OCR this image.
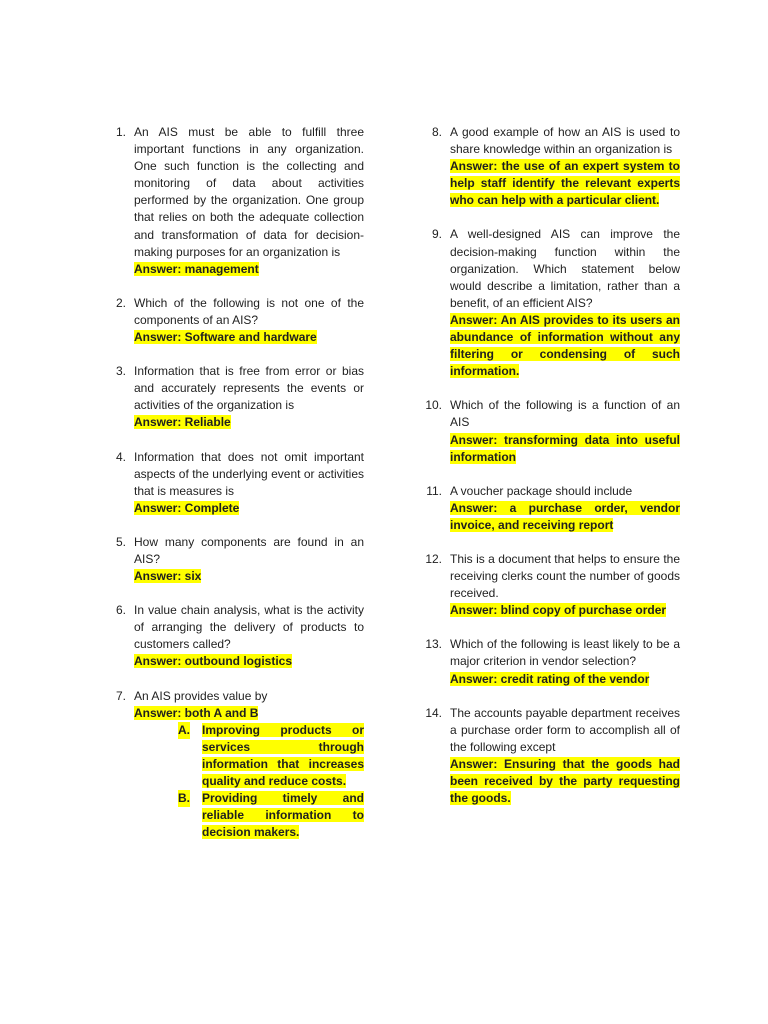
1. An AIS must be able to fulfill three important functions in any organization. One such function is the collecting and monitoring of data about activities performed by the organization. One group that relies on both the adequate collection and transformation of data for decision-making purposes for an organization is
Answer: management
2. Which of the following is not one of the components of an AIS?
Answer: Software and hardware
3. Information that is free from error or bias and accurately represents the events or activities of the organization is
Answer: Reliable
4. Information that does not omit important aspects of the underlying event or activities that is measures is
Answer: Complete
5. How many components are found in an AIS?
Answer: six
6. In value chain analysis, what is the activity of arranging the delivery of products to customers called?
Answer: outbound logistics
7. An AIS provides value by
Answer: both A and B
A. Improving products or services through information that increases quality and reduce costs.
B. Providing timely and reliable information to decision makers.
8. A good example of how an AIS is used to share knowledge within an organization is
Answer: the use of an expert system to help staff identify the relevant experts who can help with a particular client.
9. A well-designed AIS can improve the decision-making function within the organization. Which statement below would describe a limitation, rather than a benefit, of an efficient AIS?
Answer: An AIS provides to its users an abundance of information without any filtering or condensing of such information.
10. Which of the following is a function of an AIS
Answer: transforming data into useful information
11. A voucher package should include
Answer: a purchase order, vendor invoice, and receiving report
12. This is a document that helps to ensure the receiving clerks count the number of goods received.
Answer: blind copy of purchase order
13. Which of the following is least likely to be a major criterion in vendor selection?
Answer: credit rating of the vendor
14. The accounts payable department receives a purchase order form to accomplish all of the following except
Answer: Ensuring that the goods had been received by the party requesting the goods.
